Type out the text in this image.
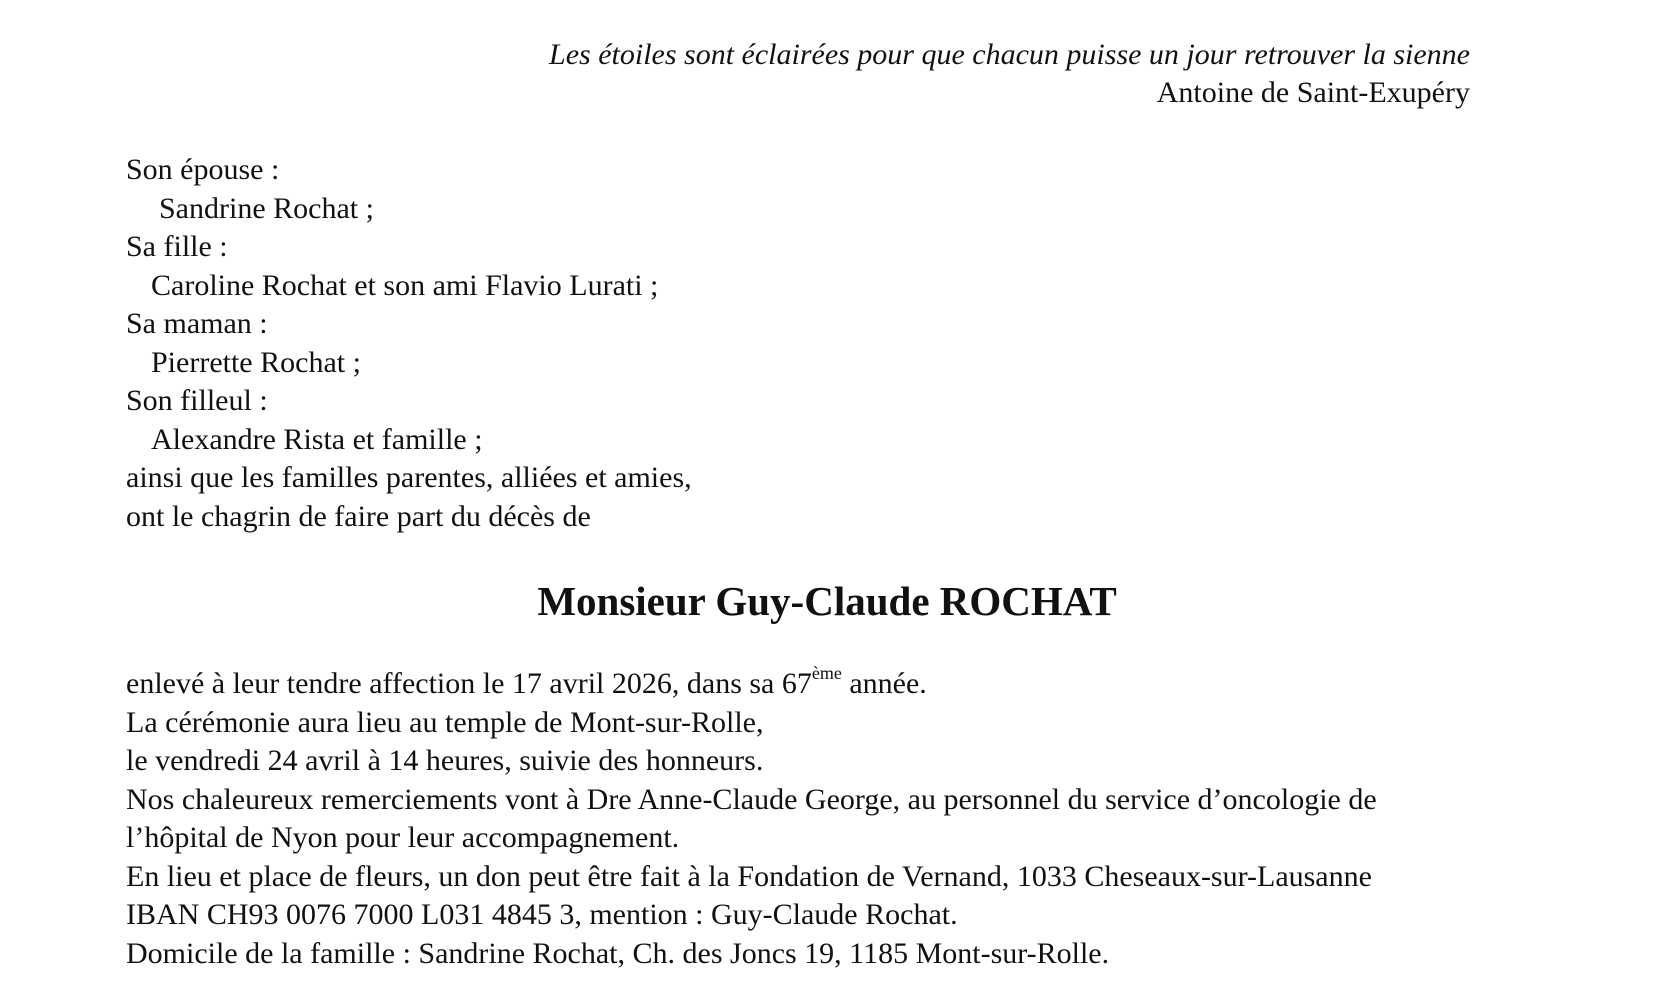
Les étoiles sont éclairées pour que chacun puisse un jour retrouver la sienne
Antoine de Saint-Exupéry
Son épouse :
Sandrine Rochat ;
Sa fille :
Caroline Rochat et son ami Flavio Lurati ;
Sa maman :
Pierrette Rochat ;
Son filleul :
Alexandre Rista et famille ;
ainsi que les familles parentes, alliées et amies,
ont le chagrin de faire part du décès de
Monsieur Guy-Claude ROCHAT
enlevé à leur tendre affection le 17 avril 2026, dans sa 67ème année.
La cérémonie aura lieu au temple de Mont-sur-Rolle,
le vendredi 24 avril à 14 heures, suivie des honneurs.
Nos chaleureux remerciements vont à Dre Anne-Claude George, au personnel du service d’oncologie de
l’hôpital de Nyon pour leur accompagnement.
En lieu et place de fleurs, un don peut être fait à la Fondation de Vernand, 1033 Cheseaux-sur-Lausanne
IBAN CH93 0076 7000 L031 4845 3, mention : Guy-Claude Rochat.
Domicile de la famille : Sandrine Rochat, Ch. des Joncs 19, 1185 Mont-sur-Rolle.
